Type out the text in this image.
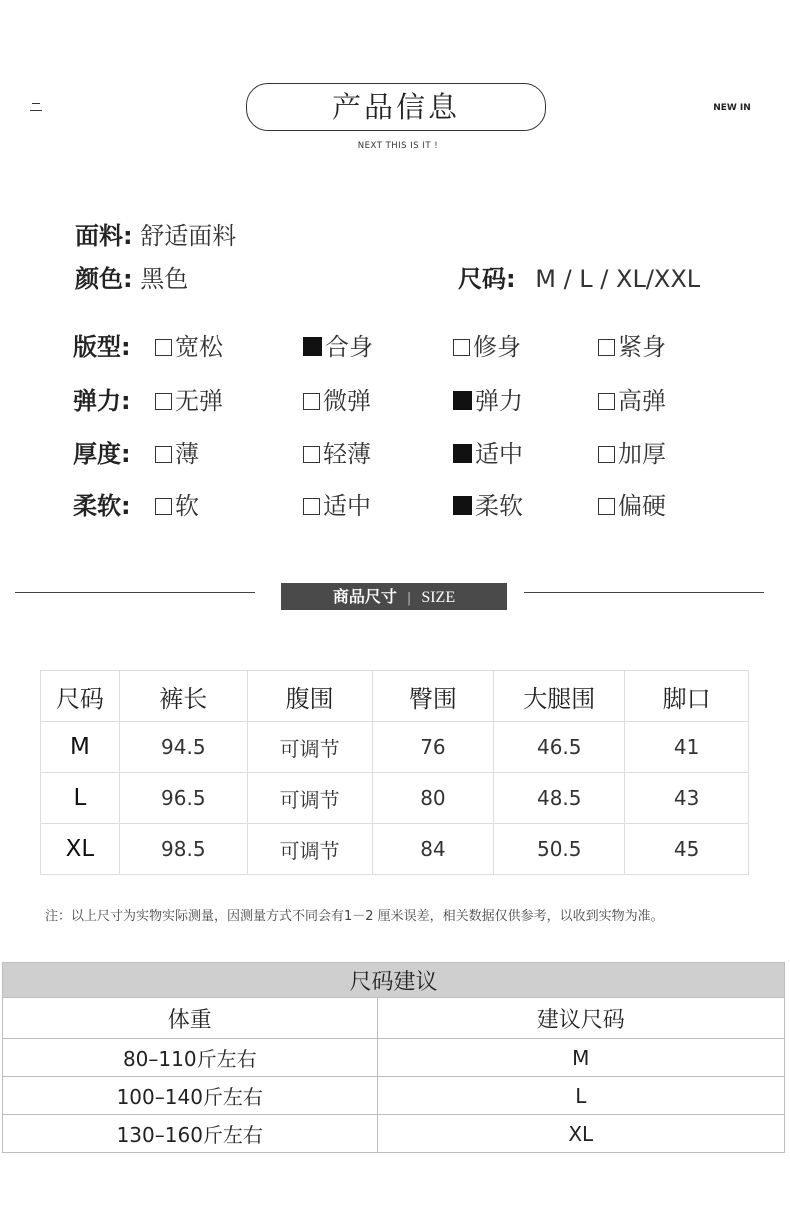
产品信息	NEW IN
NEXT THIS IS IT !
面料: 舒适面料
颜色: 黑色	尺码: M / L / XL/XXL
版型:	宽松	合身	修身	紧身
弹力:	无弹	微弹	弹力	高弹
厚度:	薄	轻薄	适中	加厚
柔软:	软	适中	柔软	偏硬
商品尺寸 | SIZE
尺码	裤长	腹围	臀围	大腿围	脚口
M	94.5	可调节	76	46.5	41
L	96.5	可调节	80	48.5	43
XL	98.5	可调节	84	50.5	45
注：以上尺寸为实物实际测量，因测量方式不同会有1－2 厘米误差，相关数据仅供参考，以收到实物为准。
尺码建议	
体重	建议尺码
80–110斤左右	M
100–140斤左右	L
130–160斤左右	XL
